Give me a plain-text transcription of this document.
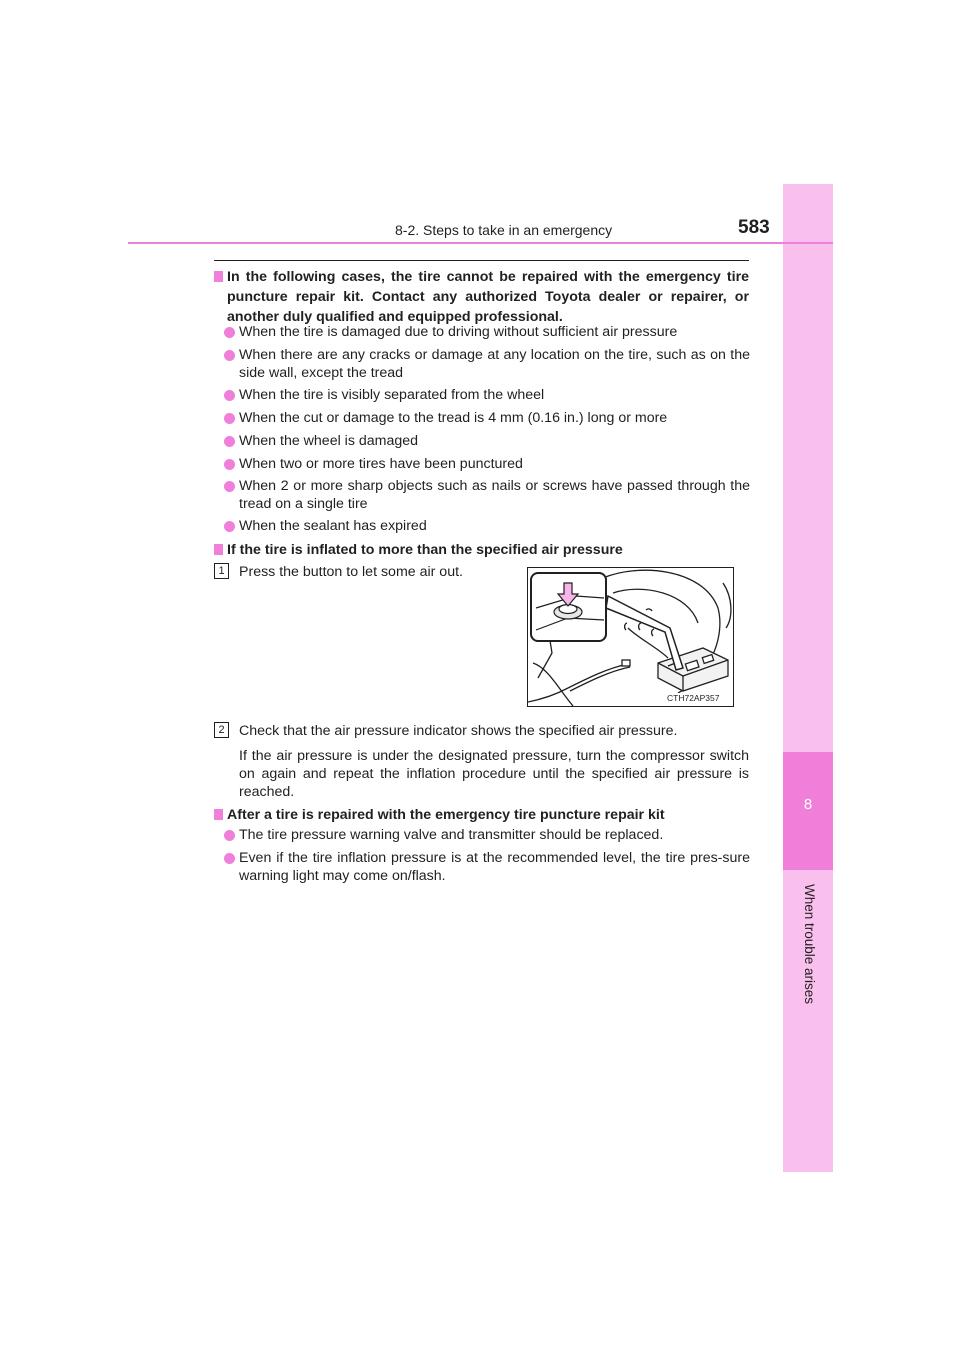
8
When trouble arises
8-2. Steps to take in an emergency	583
In the following cases, the tire cannot be repaired with the emergency tire puncture repair kit. Contact any authorized Toyota dealer or repairer, or another duly qualified and equipped professional.
When the tire is damaged due to driving without sufficient air pressure
When there are any cracks or damage at any location on the tire, such as on the side wall, except the tread
When the tire is visibly separated from the wheel
When the cut or damage to the tread is 4 mm (0.16 in.) long or more
When the wheel is damaged
When two or more tires have been punctured
When 2 or more sharp objects such as nails or screws have passed through the tread on a single tire
When the sealant has expired
If the tire is inflated to more than the specified air pressure
1	Press the button to let some air out.
CTH72AP357
2	Check that the air pressure indicator shows the specified air pressure.
If the air pressure is under the designated pressure, turn the compressor switch on again and repeat the inflation procedure until the specified air pressure is reached.
After a tire is repaired with the emergency tire puncture repair kit
The tire pressure warning valve and transmitter should be replaced.
Even if the tire inflation pressure is at the recommended level, the tire pres-sure warning light may come on/flash.
